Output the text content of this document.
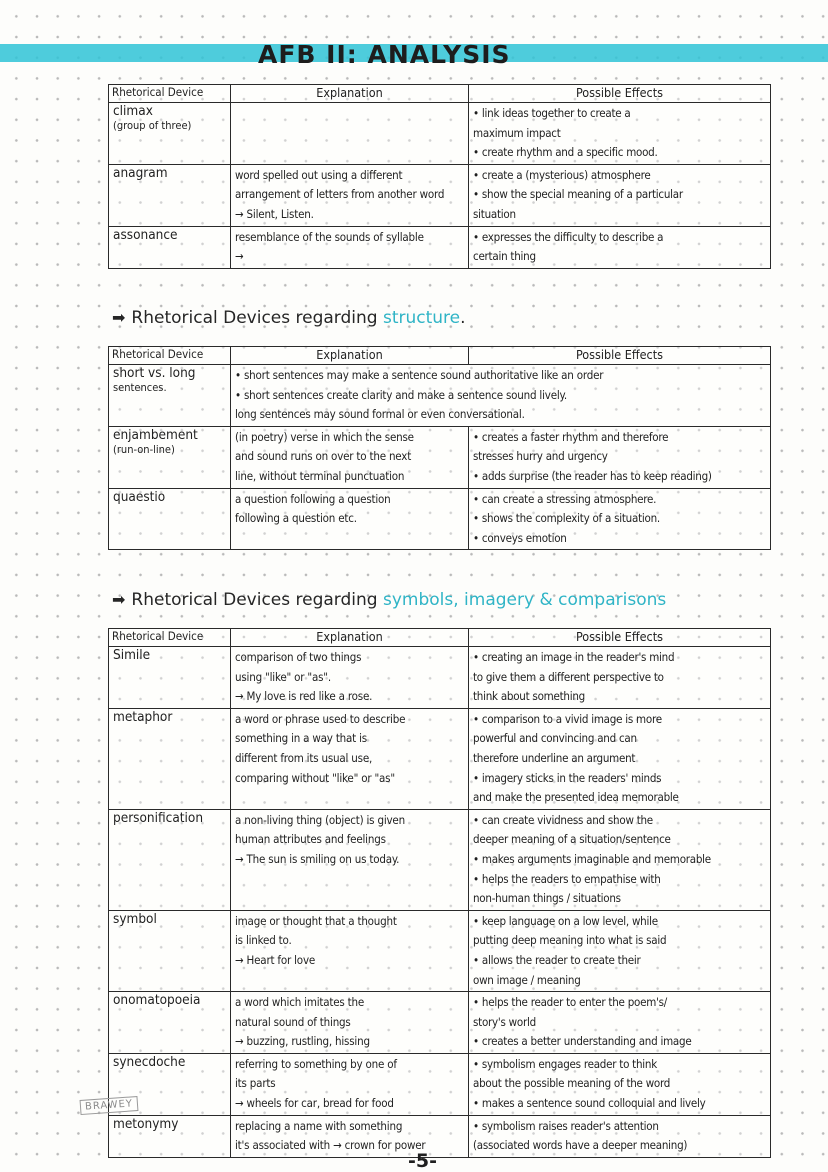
AFB II: ANALYSIS
Rhetorical Device	Explanation	Possible Effects
climax
(group of three)		• link ideas together to create a
maximum impact
• create rhythm and a specific mood.

anagram	word spelled out using a different
arrangement of letters from another word
→ Silent, Listen.	• create a (mysterious) atmosphere
• show the special meaning of a particular
situation

assonance	resemblance of the sounds of syllable
→	• expresses the difficulty to describe a
certain thing
➡ Rhetorical Devices regarding structure.
Rhetorical Device	Explanation	Possible Effects
short vs. long
sentences.	• short sentences may make a sentence sound authoritative like an order
• short sentences create clarity and make a sentence sound lively.
long sentences may sound formal or even conversational.	

enjambement
(run-on-line)	(in poetry) verse in which the sense
and sound runs on over to the next
line, without terminal punctuation	• creates a faster rhythm and therefore
stresses hurry and urgency
• adds surprise (the reader has to keep reading)

quaestio	a question following a question
following a question etc.	• can create a stressing atmosphere.
• shows the complexity of a situation.
• conveys emotion
➡ Rhetorical Devices regarding symbols, imagery & comparisons
Rhetorical Device	Explanation	Possible Effects
Simile	comparison of two things
using "like" or "as".
→ My love is red like a rose.	• creating an image in the reader's mind
to give them a different perspective to
think about something

metaphor	a word or phrase used to describe
something in a way that is
different from its usual use,
comparing without "like" or "as"	• comparison to a vivid image is more
powerful and convincing and can
therefore underline an argument
• imagery sticks in the readers' minds
and make the presented idea memorable

personification	a non-living thing (object) is given
human attributes and feelings
→ The sun is smiling on us today.	• can create vividness and show the
deeper meaning of a situation/sentence
• makes arguments imaginable and memorable
• helps the readers to empathise with
non-human things / situations

symbol	image or thought that a thought
is linked to.
→ Heart for love	• keep language on a low level, while
putting deep meaning into what is said
• allows the reader to create their
own image / meaning

onomatopoeia	a word which imitates the
natural sound of things
→ buzzing, rustling, hissing	• helps the reader to enter the poem's/
story's world
• creates a better understanding and image

synecdoche	referring to something by one of
its parts
→ wheels for car, bread for food	• symbolism engages reader to think
about the possible meaning of the word
• makes a sentence sound colloquial and lively

metonymy	replacing a name with something
it's associated with → crown for power	• symbolism raises reader's attention
(associated words have a deeper meaning)
BRAWEY
-5-
